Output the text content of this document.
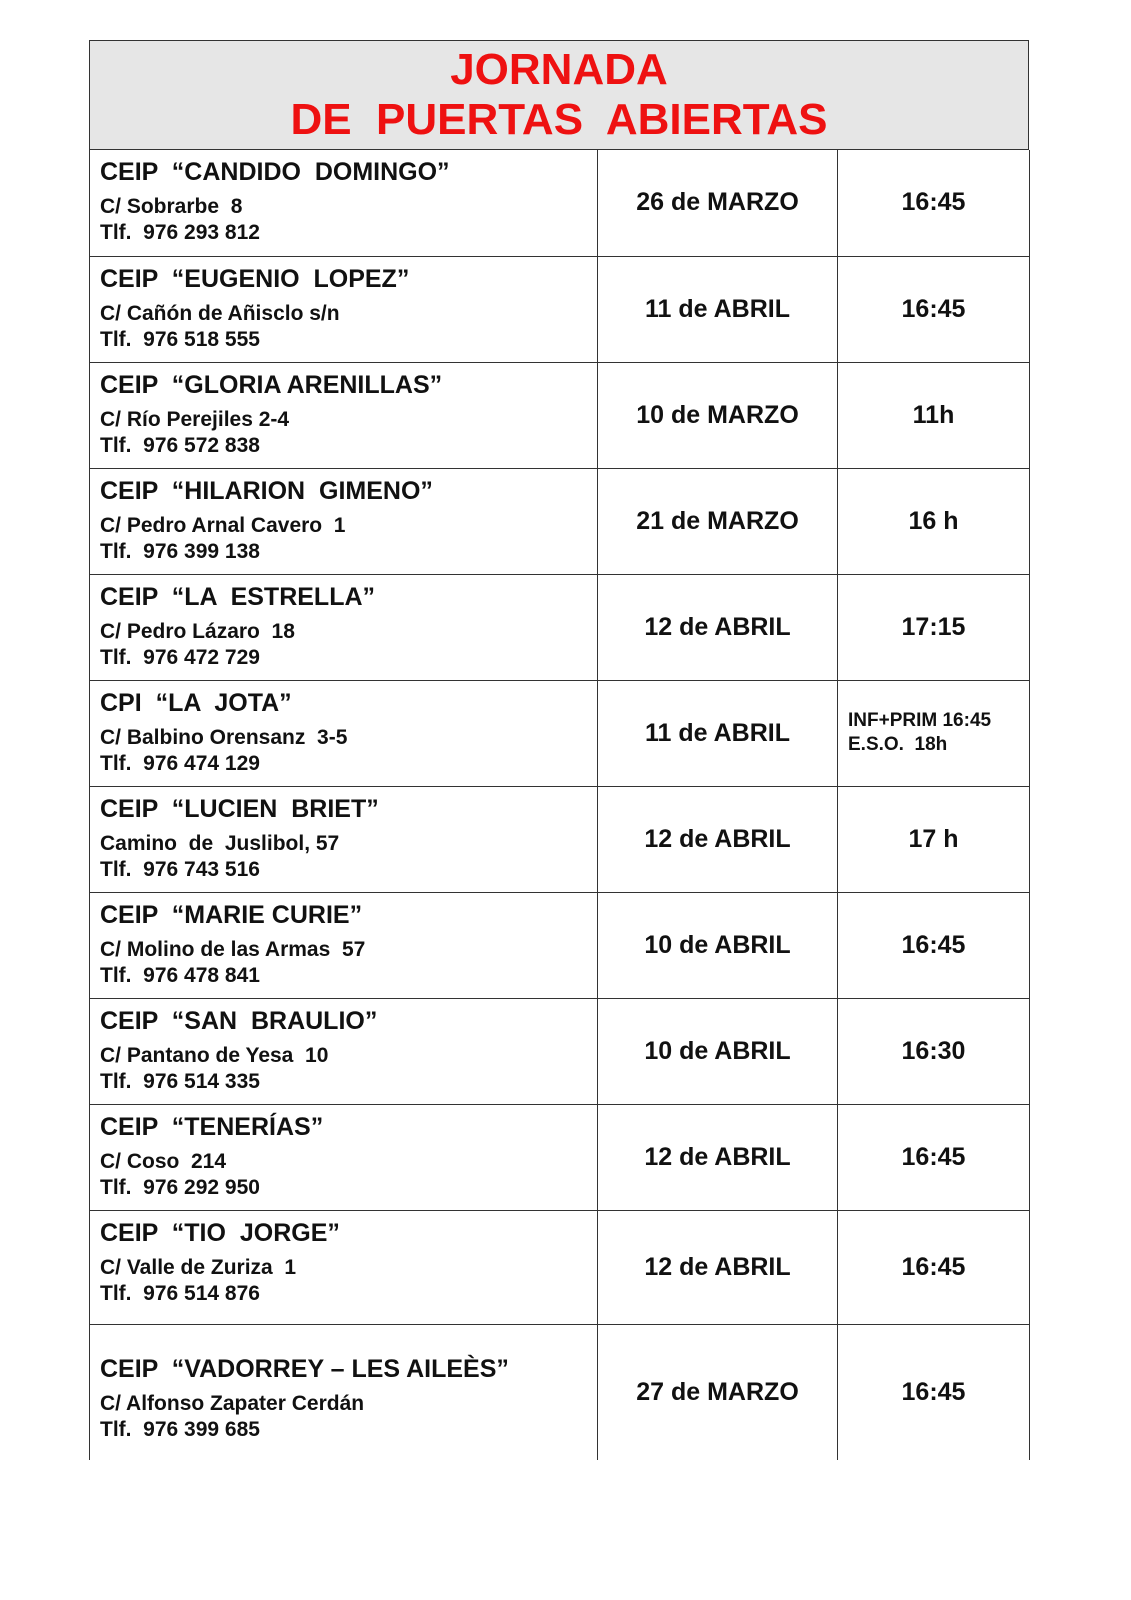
JORNADA
DE  PUERTAS  ABIERTAS
CEIP  “CANDIDO  DOMINGO”
C/ Sobrarbe  8
Tlf.  976 293 812	26 de MARZO	16:45

CEIP  “EUGENIO  LOPEZ”
C/ Cañón de Añisclo s/n
Tlf.  976 518 555	11 de ABRIL	16:45

CEIP  “GLORIA ARENILLAS”
C/ Río Perejiles 2-4
Tlf.  976 572 838	10 de MARZO	11h

CEIP  “HILARION  GIMENO”
C/ Pedro Arnal Cavero  1
Tlf.  976 399 138	21 de MARZO	16 h

CEIP  “LA  ESTRELLA”
C/ Pedro Lázaro  18
Tlf.  976 472 729	12 de ABRIL	17:15

CPI  “LA  JOTA”
C/ Balbino Orensanz  3-5
Tlf.  976 474 129	11 de ABRIL	INF+PRIM 16:45
E.S.O.  18h

CEIP  “LUCIEN  BRIET”
Camino  de  Juslibol, 57
Tlf.  976 743 516	12 de ABRIL	17 h

CEIP  “MARIE CURIE”
C/ Molino de las Armas  57
Tlf.  976 478 841	10 de ABRIL	16:45

CEIP  “SAN  BRAULIO”
C/ Pantano de Yesa  10
Tlf.  976 514 335	10 de ABRIL	16:30

CEIP  “TENERÍAS”
C/ Coso  214
Tlf.  976 292 950	12 de ABRIL	16:45

CEIP  “TIO  JORGE”
C/ Valle de Zuriza  1
Tlf.  976 514 876	12 de ABRIL	16:45

CEIP  “VADORREY – LES AILEÈS”
C/ Alfonso Zapater Cerdán
Tlf.  976 399 685	27 de MARZO	16:45
